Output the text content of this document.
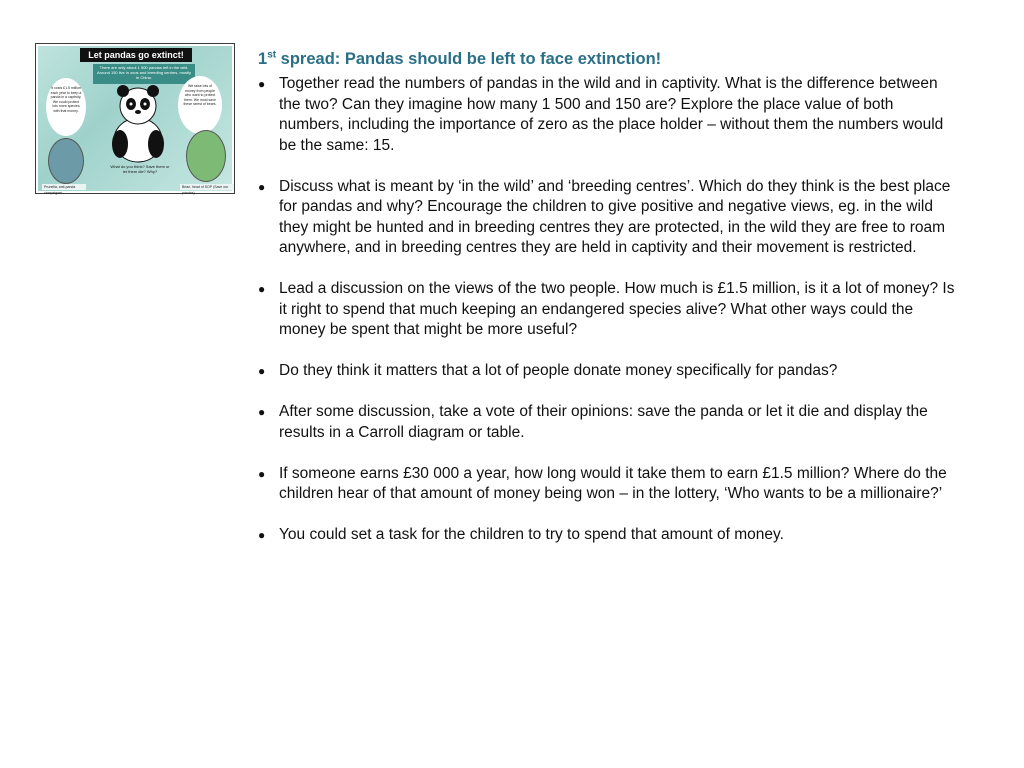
Let pandas go extinct!
There are only about 1 500 pandas left in the wild. Around 150 live in zoos and breeding centres, mostly in China.
It costs £1.5 million each year to keep a panda in a captivity. We could protect lots more species with that money.
We raise lots of money from people who want to protect them. We must save these rarest of bears.
What do you think? Save them or let them die? Why?
Prunella, anti-panda campaigner
Brian, head of SOP (Save our pandas)
1st spread: Pandas should be left to face extinction!
● Together read the numbers of pandas in the wild and in captivity. What is the difference between the two? Can they imagine how many 1 500 and 150 are? Explore the place value of both numbers, including the importance of zero as the place holder – without them the numbers would be the same: 15.
● Discuss what is meant by ‘in the wild’ and ‘breeding centres’. Which do they think is the best place for pandas and why? Encourage the children to give positive and negative views, eg. in the wild they might be hunted and in breeding centres they are protected, in the wild they are free to roam anywhere, and in breeding centres they are held in captivity and their movement is restricted.
● Lead a discussion on the views of the two people. How much is £1.5 million, is it a lot of money? Is it right to spend that much keeping an endangered species alive? What other ways could the money be spent that might be more useful?
● Do they think it matters that a lot of people donate money specifically for pandas?
● After some discussion, take a vote of their opinions: save the panda or let it die and display the results in a Carroll diagram or table.
● If someone earns £30 000 a year, how long would it take them to earn £1.5 million? Where do the children hear of that amount of money being won – in the lottery, ‘Who wants to be a millionaire?’
● You could set a task for the children to try to spend that amount of money.
